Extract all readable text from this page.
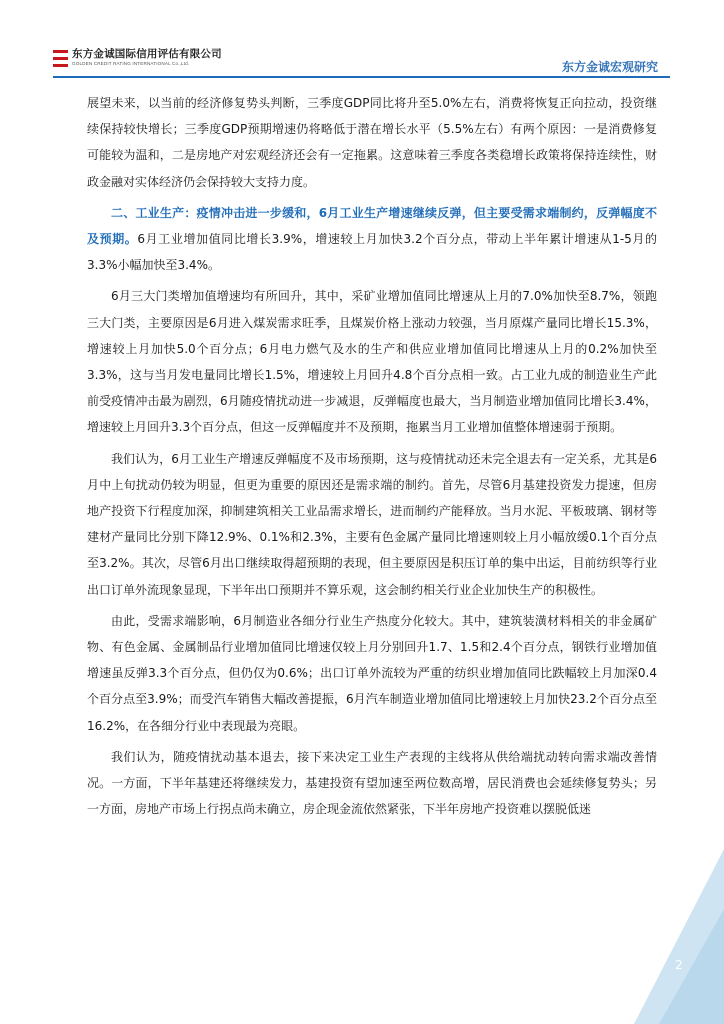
东方金诚国际信用评估有限公司
GOLDEN CREDIT RATING INTERNATIONAL Co.,Ltd.	东方金诚宏观研究

展望未来，以当前的经济修复势头判断，三季度GDP同比将升至5.0%左右，消费将恢复正向拉动，投资继续保持较快增长；三季度GDP预期增速仍将略低于潜在增长水平（5.5%左右）有两个原因：一是消费修复可能较为温和，二是房地产对宏观经济还会有一定拖累。这意味着三季度各类稳增长政策将保持连续性，财政金融对实体经济仍会保持较大支持力度。

二、工业生产：疫情冲击进一步缓和，6月工业生产增速继续反弹，但主要受需求端制约，反弹幅度不及预期。6月工业增加值同比增长3.9%，增速较上月加快3.2个百分点，带动上半年累计增速从1-5月的3.3%小幅加快至3.4%。

6月三大门类增加值增速均有所回升，其中，采矿业增加值同比增速从上月的7.0%加快至8.7%，领跑三大门类，主要原因是6月进入煤炭需求旺季，且煤炭价格上涨动力较强，当月原煤产量同比增长15.3%，增速较上月加快5.0个百分点；6月电力燃气及水的生产和供应业增加值同比增速从上月的0.2%加快至3.3%，这与当月发电量同比增长1.5%，增速较上月回升4.8个百分点相一致。占工业九成的制造业生产此前受疫情冲击最为剧烈，6月随疫情扰动进一步减退，反弹幅度也最大，当月制造业增加值同比增长3.4%，增速较上月回升3.3个百分点，但这一反弹幅度并不及预期，拖累当月工业增加值整体增速弱于预期。

我们认为，6月工业生产增速反弹幅度不及市场预期，这与疫情扰动还未完全退去有一定关系，尤其是6月中上旬扰动仍较为明显，但更为重要的原因还是需求端的制约。首先，尽管6月基建投资发力提速，但房地产投资下行程度加深，抑制建筑相关工业品需求增长，进而制约产能释放。当月水泥、平板玻璃、钢材等建材产量同比分别下降12.9%、0.1%和2.3%，主要有色金属产量同比增速则较上月小幅放缓0.1个百分点至3.2%。其次，尽管6月出口继续取得超预期的表现，但主要原因是积压订单的集中出运，目前纺织等行业出口订单外流现象显现，下半年出口预期并不算乐观，这会制约相关行业企业加快生产的积极性。

由此，受需求端影响，6月制造业各细分行业生产热度分化较大。其中，建筑装潢材料相关的非金属矿物、有色金属、金属制品行业增加值同比增速仅较上月分别回升1.7、1.5和2.4个百分点，钢铁行业增加值增速虽反弹3.3个百分点，但仍仅为0.6%；出口订单外流较为严重的纺织业增加值同比跌幅较上月加深0.4个百分点至3.9%；而受汽车销售大幅改善提振，6月汽车制造业增加值同比增速较上月加快23.2个百分点至16.2%，在各细分行业中表现最为亮眼。

我们认为，随疫情扰动基本退去，接下来决定工业生产表现的主线将从供给端扰动转向需求端改善情况。一方面，下半年基建还将继续发力，基建投资有望加速至两位数高增，居民消费也会延续修复势头；另一方面，房地产市场上行拐点尚未确立，房企现金流依然紧张，下半年房地产投资难以摆脱低迷

2
